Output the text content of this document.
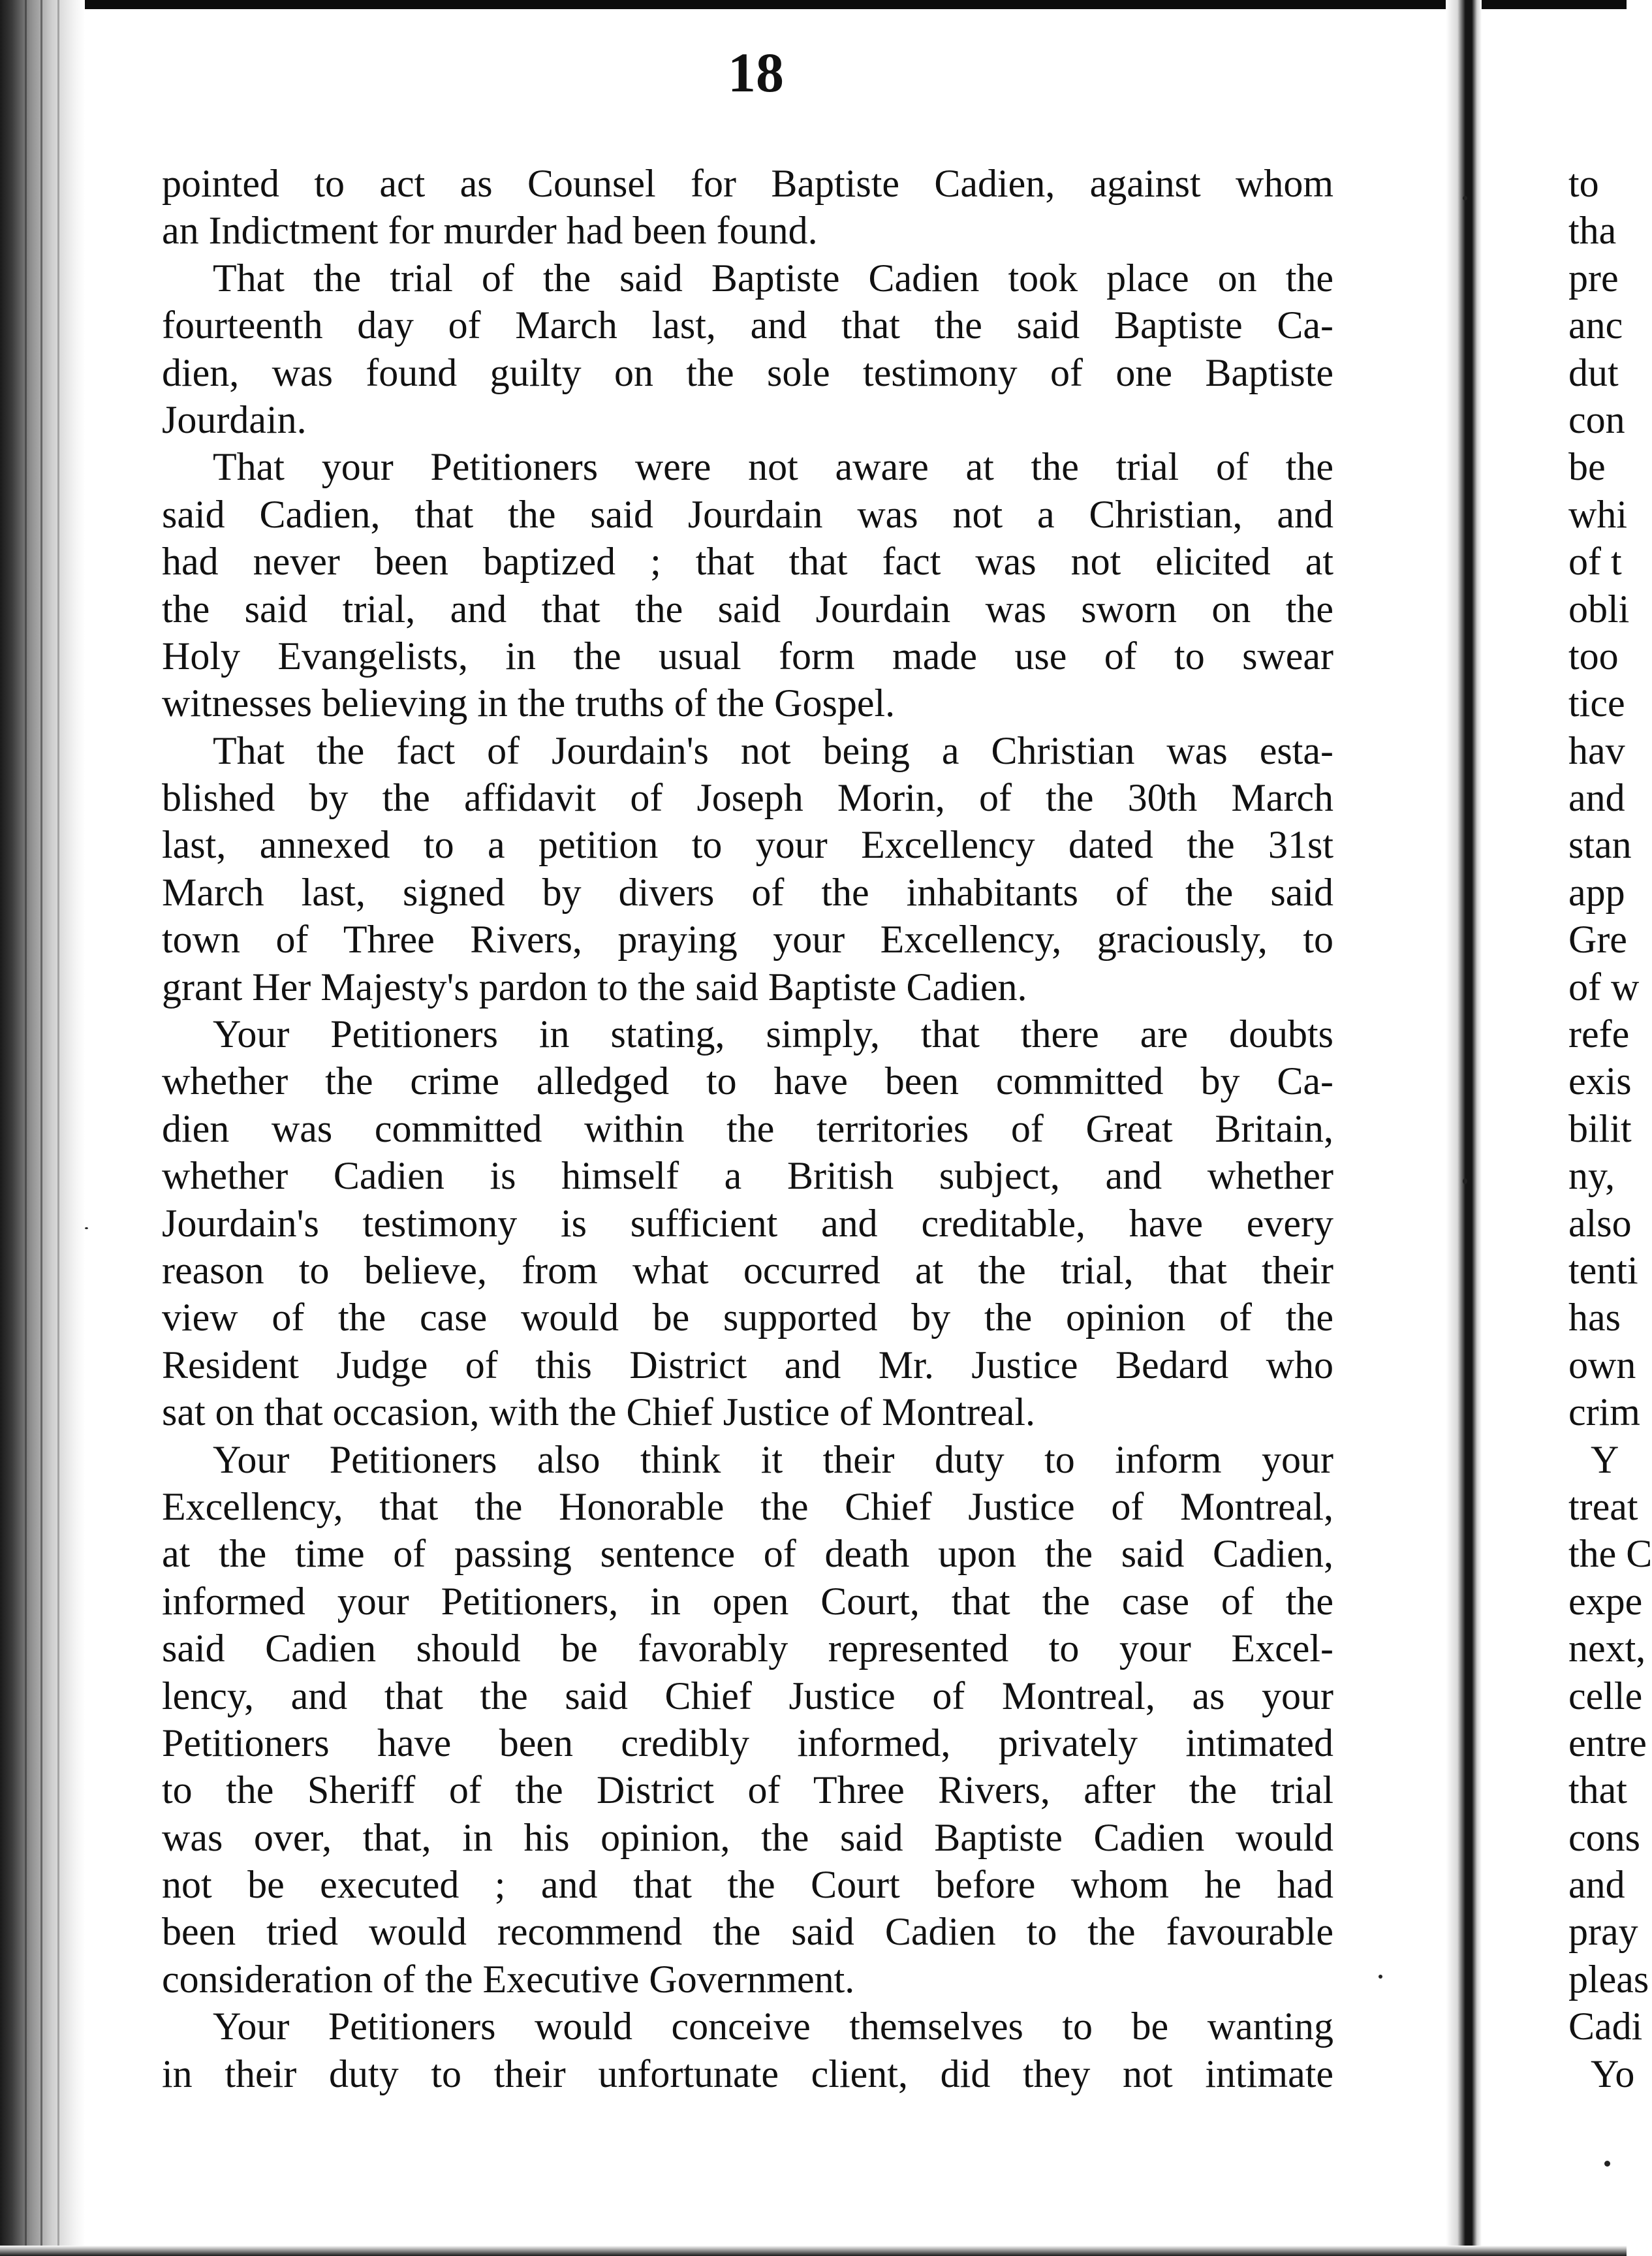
18
pointed to act as Counsel for Baptiste Cadien, against whom
an Indictment for murder had been found.
That the trial of the said Baptiste Cadien took place on the
fourteenth day of March last, and that the said Baptiste Ca-
dien, was found guilty on the sole testimony of one Baptiste
Jourdain.
That your Petitioners were not aware at the trial of the
said Cadien, that the said Jourdain was not a Christian, and
had never been baptized ; that that fact was not elicited at
the said trial, and that the said Jourdain was sworn on the
Holy Evangelists, in the usual form made use of to swear
witnesses believing in the truths of the Gospel.
That the fact of Jourdain's not being a Christian was esta-
blished by the affidavit of Joseph Morin, of the 30th March
last, annexed to a petition to your Excellency dated the 31st
March last, signed by divers of the inhabitants of the said
town of Three Rivers, praying your Excellency, graciously, to
grant Her Majesty's pardon to the said Baptiste Cadien.
Your Petitioners in stating, simply, that there are doubts
whether the crime alledged to have been committed by Ca-
dien was committed within the territories of Great Britain,
whether Cadien is himself a British subject, and whether
Jourdain's testimony is sufficient and creditable, have every
reason to believe, from what occurred at the trial, that their
view of the case would be supported by the opinion of the
Resident Judge of this District and Mr. Justice Bedard who
sat on that occasion, with the Chief Justice of Montreal.
Your Petitioners also think it their duty to inform your
Excellency, that the Honorable the Chief Justice of Montreal,
at the time of passing sentence of death upon the said Cadien,
informed your Petitioners, in open Court, that the case of the
said Cadien should be favorably represented to your Excel-
lency, and that the said Chief Justice of Montreal, as your
Petitioners have been credibly informed, privately intimated
to the Sheriff of the District of Three Rivers, after the trial
was over, that, in his opinion, the said Baptiste Cadien would
not be executed ; and that the Court before whom he had
been tried would recommend the said Cadien to the favourable
consideration of the Executive Government.
Your Petitioners would conceive themselves to be wanting
in their duty to their unfortunate client, did they not intimate
to
tha
pre
anc
dut
con
be
whi
of t
obli
too
tice
hav
and
stan
app
Gre
of w
refe
exis
bilit
ny,
also
tenti
has
own
crim
Y
treat
the C
expe
next,
celle
entre
that
cons
and
pray
pleas
Cadi
Yo
